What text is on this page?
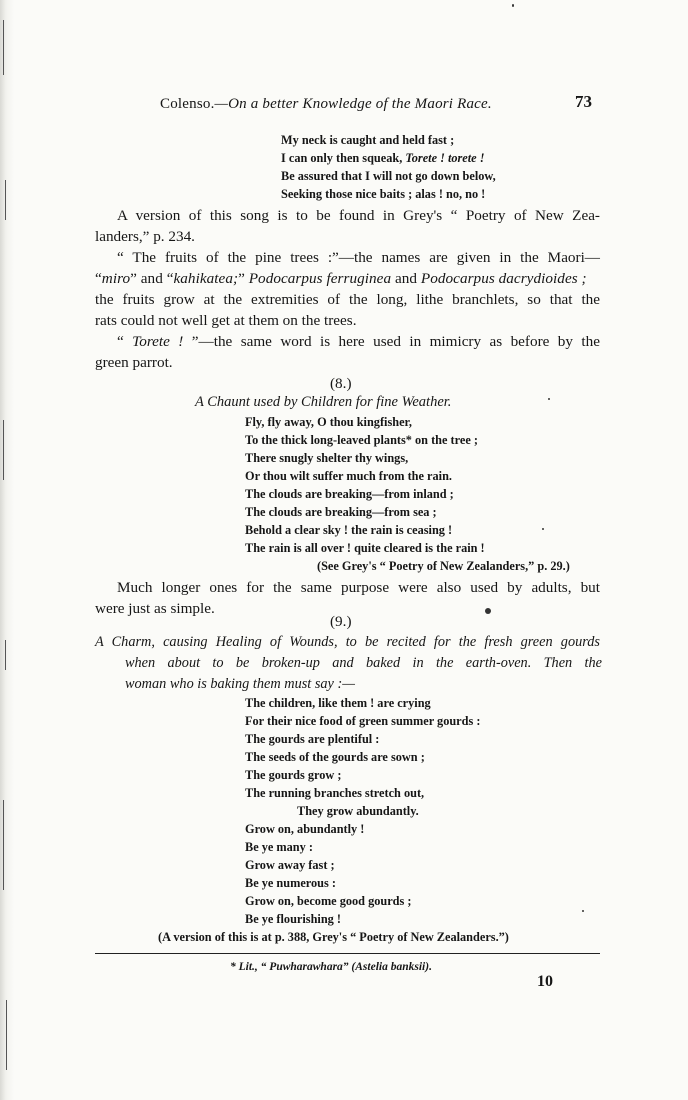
Colenso.—On a better Knowledge of the Maori Race.	73
My neck is caught and held fast ;
I can only then squeak, Torete ! torete !
Be assured that I will not go down below,
Seeking those nice baits ; alas ! no, no !
A version of this song is to be found in Grey's “ Poetry of New Zea-
landers,” p. 234.
“ The fruits of the pine trees :”—the names are given in the Maori—
“miro” and “kahikatea;” Podocarpus ferruginea and Podocarpus dacrydioides ;
the fruits grow at the extremities of the long, lithe branchlets, so that the
rats could not well get at them on the trees.
“ Torete ! ”—the same word is here used in mimicry as before by the
green parrot.
(8.)
A Chaunt used by Children for fine Weather.
Fly, fly away, O thou kingfisher,
To the thick long-leaved plants* on the tree ;
There snugly shelter thy wings,
Or thou wilt suffer much from the rain.
The clouds are breaking—from inland ;
The clouds are breaking—from sea ;
Behold a clear sky ! the rain is ceasing !
The rain is all over ! quite cleared is the rain !
(See Grey's “ Poetry of New Zealanders,” p. 29.)
Much longer ones for the same purpose were also used by adults, but
were just as simple.
(9.)
A Charm, causing Healing of Wounds, to be recited for the fresh green gourds
when about to be broken-up and baked in the earth-oven. Then the
woman who is baking them must say :—
The children, like them ! are crying
For their nice food of green summer gourds :
The gourds are plentiful :
The seeds of the gourds are sown ;
The gourds grow ;
The running branches stretch out,
They grow abundantly.
Grow on, abundantly !
Be ye many :
Grow away fast ;
Be ye numerous :
Grow on, become good gourds ;
Be ye flourishing !
(A version of this is at p. 388, Grey's “ Poetry of New Zealanders.”)
* Lit., “ Puwharawhara” (Astelia banksii).
10
